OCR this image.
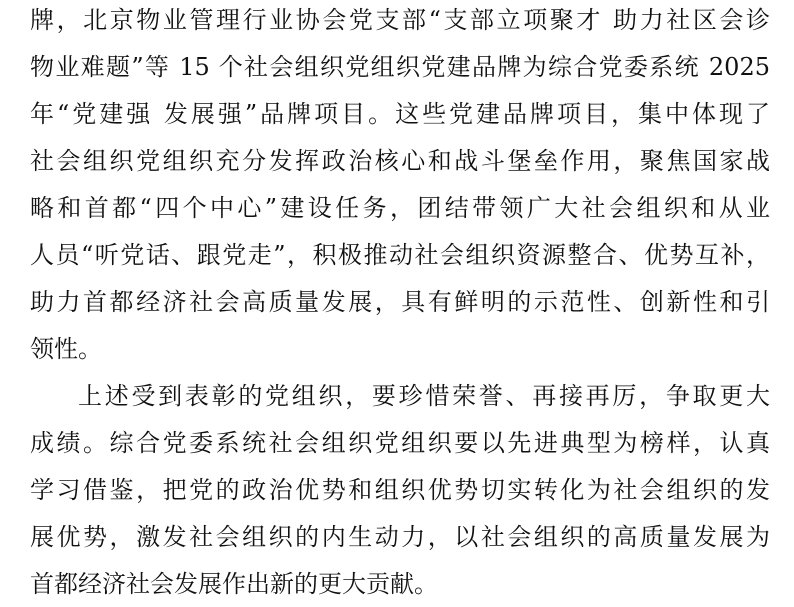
牌，北京物业管理行业协会党支部“支部立项聚才 助力社区会诊
物业难题”等 15 个社会组织党组织党建品牌为综合党委系统 2025
年“党建强 发展强”品牌项目。这些党建品牌项目，集中体现了
社会组织党组织充分发挥政治核心和战斗堡垒作用，聚焦国家战
略和首都“四个中心”建设任务，团结带领广大社会组织和从业
人员“听党话、跟党走”，积极推动社会组织资源整合、优势互补，
助力首都经济社会高质量发展，具有鲜明的示范性、创新性和引
领性。
上述受到表彰的党组织，要珍惜荣誉、再接再厉，争取更大
成绩。综合党委系统社会组织党组织要以先进典型为榜样，认真
学习借鉴，把党的政治优势和组织优势切实转化为社会组织的发
展优势，激发社会组织的内生动力，以社会组织的高质量发展为
首都经济社会发展作出新的更大贡献。
